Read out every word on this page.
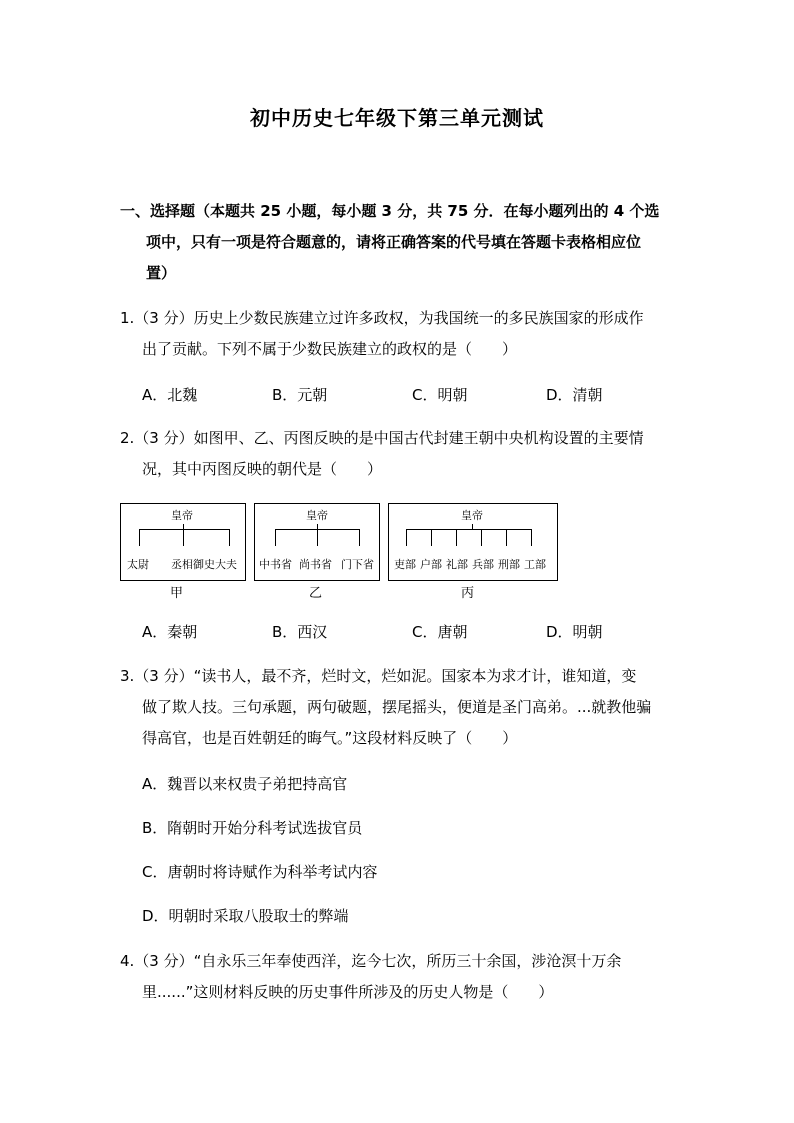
初中历史七年级下第三单元测试
一、选择题（本题共 25 小题，每小题 3 分，共 75 分．在每小题列出的 4 个选
项中，只有一项是符合题意的，请将正确答案的代号填在答题卡表格相应位
置）
1.（3 分）历史上少数民族建立过许多政权，为我国统一的多民族国家的形成作
出了贡献。下列不属于少数民族建立的政权的是（　　）
A．北魏	B．元朝	C．明朝	D．清朝
2.（3 分）如图甲、乙、丙图反映的是中国古代封建王朝中央机构设置的主要情
况，其中丙图反映的朝代是（　　）
皇帝
太尉 丞相御史大夫
甲
皇帝
中书省 尚书省 门下省
乙
皇帝
吏部 户部 礼部 兵部 刑部 工部
丙
A．秦朝	B．西汉	C．唐朝	D．明朝
3.（3 分）“读书人，最不齐，烂时文，烂如泥。国家本为求才计，谁知道，变
做了欺人技。三句承题，两句破题，摆尾摇头，便道是圣门高弟。...就教他骗
得高官，也是百姓朝廷的晦气。”这段材料反映了（　　）
A．魏晋以来权贵子弟把持高官
B．隋朝时开始分科考试选拔官员
C．唐朝时将诗赋作为科举考试内容
D．明朝时采取八股取士的弊端
4.（3 分）“自永乐三年奉使西洋，迄今七次，所历三十余国，涉沧溟十万余
里......”这则材料反映的历史事件所涉及的历史人物是（　　）
